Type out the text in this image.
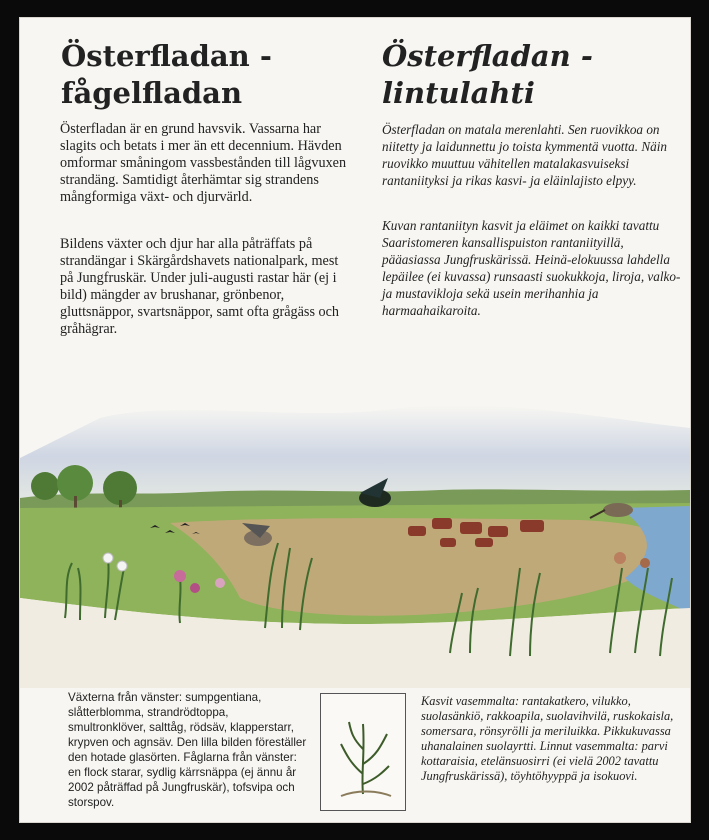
Österfladan -
fågelfladan
Österfladan -
lintulahti

Österfladan är en grund havsvik. Vassarna har slagits och betats i mer än ett decennium. Hävden omformar småningom vassbestånden till lågvuxen strandäng. Samtidigt återhämtar sig strandens mångformiga växt- och djurvärld.

Bildens växter och djur har alla påträffats på strandängar i Skärgårdshavets nationalpark, mest på Jungfruskär. Under juli-augusti rastar här (ej i bild) mängder av brushanar, grönbenor, gluttsnäppor, svartsnäppor, samt ofta grågäss och gråhägrar.

Österfladan on matala merenlahti. Sen ruovikkoa on niitetty ja laidunnettu jo toista kymmentä vuotta. Näin ruovikko muuttuu vähitellen matalakasvuiseksi rantaniityksi ja rikas kasvi- ja eläinlajisto elpyy.

Kuvan rantaniityn kasvit ja eläimet on kaikki tavattu Saaristomeren kansallispuiston rantaniityillä, pääasiassa Jungfruskärissä. Heinä-elokuussa lahdella lepäilee (ei kuvassa) runsaasti suokukkoja, liroja, valko- ja mustavikloja sekä usein merihanhia ja harmaahaikaroita.

Växterna från vänster: sumpgentiana, slåtterblomma, strandrödtoppa, smultronklöver, salttåg, rödsäv, klapperstarr, krypven och agnsäv. Den lilla bilden föreställer den hotade glasörten. Fåglarna från vänster: en flock starar, sydlig kärrsnäppa (ej ännu år 2002 påträffad på Jungfruskär), tofsvipa och storspov.

Kasvit vasemmalta: rantakatkero, vilukko, suolasänkiö, rakkoapila, suolavihvilä, ruskokaisla, somersara, rönsyrölli ja meriluikka. Pikkukuvassa uhanalainen suolayrtti. Linnut vasemmalta: parvi kottaraisia, etelänsuosirri (ei vielä 2002 tavattu Jungfruskärissä), töyhtöhyyppä ja isokuovi.
